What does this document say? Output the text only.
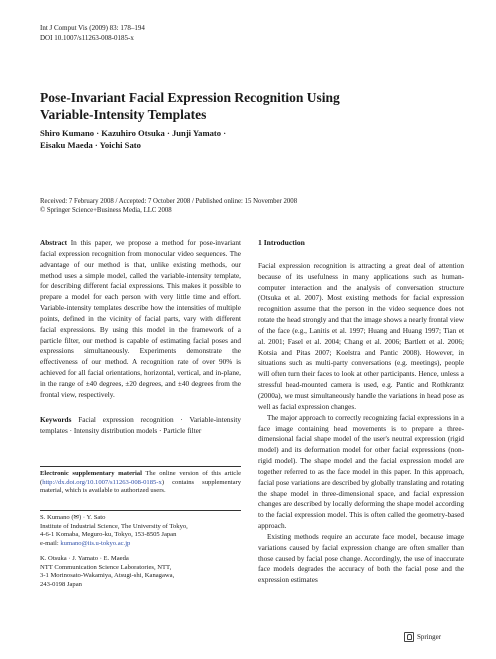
Int J Comput Vis (2009) 83: 178–194
DOI 10.1007/s11263-008-0185-x
Pose-Invariant Facial Expression Recognition Using
Variable-Intensity Templates
Shiro Kumano · Kazuhiro Otsuka · Junji Yamato ·
Eisaku Maeda · Yoichi Sato
Received: 7 February 2008 / Accepted: 7 October 2008 / Published online: 15 November 2008
© Springer Science+Business Media, LLC 2008
Abstract In this paper, we propose a method for pose-invariant facial expression recognition from monocular video sequences. The advantage of our method is that, unlike existing methods, our method uses a simple model, called the variable-intensity template, for describing different facial expressions. This makes it possible to prepare a model for each person with very little time and effort. Variable-intensity templates describe how the intensities of multiple points, defined in the vicinity of facial parts, vary with different facial expressions. By using this model in the framework of a particle filter, our method is capable of estimating facial poses and expressions simultaneously. Experiments demonstrate the effectiveness of our method. A recognition rate of over 90% is achieved for all facial orientations, horizontal, vertical, and in-plane, in the range of ±40 degrees, ±20 degrees, and ±40 degrees from the frontal view, respectively.
Keywords Facial expression recognition · Variable-intensity templates · Intensity distribution models · Particle filter
Electronic supplementary material The online version of this article (http://dx.doi.org/10.1007/s11263-008-0185-x) contains supplementary material, which is available to authorized users.
S. Kumano (✉) · Y. Sato
Institute of Industrial Science, The University of Tokyo,
4-6-1 Komaba, Meguro-ku, Tokyo, 153-8505 Japan
e-mail: kumano@iis.u-tokyo.ac.jp
K. Otsuka · J. Yamato · E. Maeda
NTT Communication Science Laboratories, NTT,
3-1 Morinosato-Wakamiya, Atsugi-shi, Kanagawa,
243-0198 Japan
1 Introduction

Facial expression recognition is attracting a great deal of attention because of its usefulness in many applications such as human-computer interaction and the analysis of conversation structure (Otsuka et al. 2007). Most existing methods for facial expression recognition assume that the person in the video sequence does not rotate the head strongly and that the image shows a nearly frontal view of the face (e.g., Lanitis et al. 1997; Huang and Huang 1997; Tian et al. 2001; Fasel et al. 2004; Chang et al. 2006; Bartlett et al. 2006; Kotsia and Pitas 2007; Koelstra and Pantic 2008). However, in situations such as multi-party conversations (e.g. meetings), people will often turn their faces to look at other participants. Hence, unless a stressful head-mounted camera is used, e.g. Pantic and Rothkrantz (2000a), we must simultaneously handle the variations in head pose as well as facial expression changes.

The major approach to correctly recognizing facial expressions in a face image containing head movements is to prepare a three-dimensional facial shape model of the user's neutral expression (rigid model) and its deformation model for other facial expressions (non-rigid model). The shape model and the facial expression model are together referred to as the face model in this paper. In this approach, facial pose variations are described by globally translating and rotating the shape model in three-dimensional space, and facial expression changes are described by locally deforming the shape model according to the facial expression model. This is often called the geometry-based approach.

Existing methods require an accurate face model, because image variations caused by facial expression change are often smaller than those caused by facial pose change. Accordingly, the use of inaccurate face models degrades the accuracy of both the facial pose and the expression estimates

Springer
